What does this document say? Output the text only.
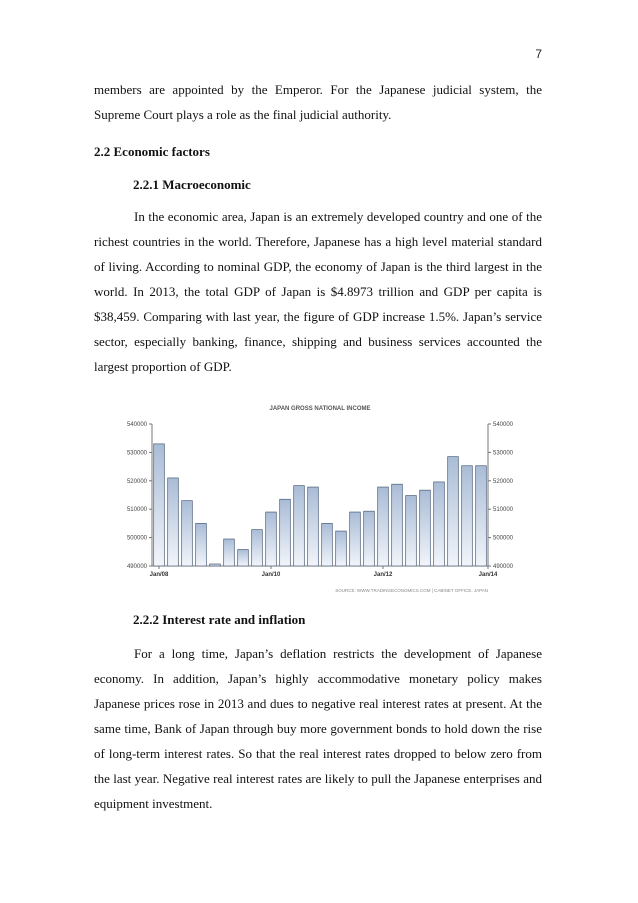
7
members are appointed by the Emperor. For the Japanese judicial system, the Supreme Court plays a role as the final judicial authority.
2.2 Economic factors
2.2.1 Macroeconomic
In the economic area, Japan is an extremely developed country and one of the richest countries in the world. Therefore, Japanese has a high level material standard of living. According to nominal GDP, the economy of Japan is the third largest in the world. In 2013, the total GDP of Japan is $4.8973 trillion and GDP per capita is $38,459. Comparing with last year, the figure of GDP increase 1.5%. Japan’s service sector, especially banking, finance, shipping and business services accounted the largest proportion of GDP.
JAPAN GROSS NATIONAL INCOME
540000	540000
530000	530000
520000	520000
510000	510000
500000	500000
490000	490000
Jan/08	Jan/10	Jan/12	Jan/14
SOURCE: WWW.TRADINGECONOMICS.COM | CABINET OFFICE, JAPAN
2.2.2 Interest rate and inflation
For a long time, Japan’s deflation restricts the development of Japanese economy. In addition, Japan’s highly accommodative monetary policy makes Japanese prices rose in 2013 and dues to negative real interest rates at present. At the same time, Bank of Japan through buy more government bonds to hold down the rise of long-term interest rates. So that the real interest rates dropped to below zero from the last year. Negative real interest rates are likely to pull the Japanese enterprises and equipment investment.
